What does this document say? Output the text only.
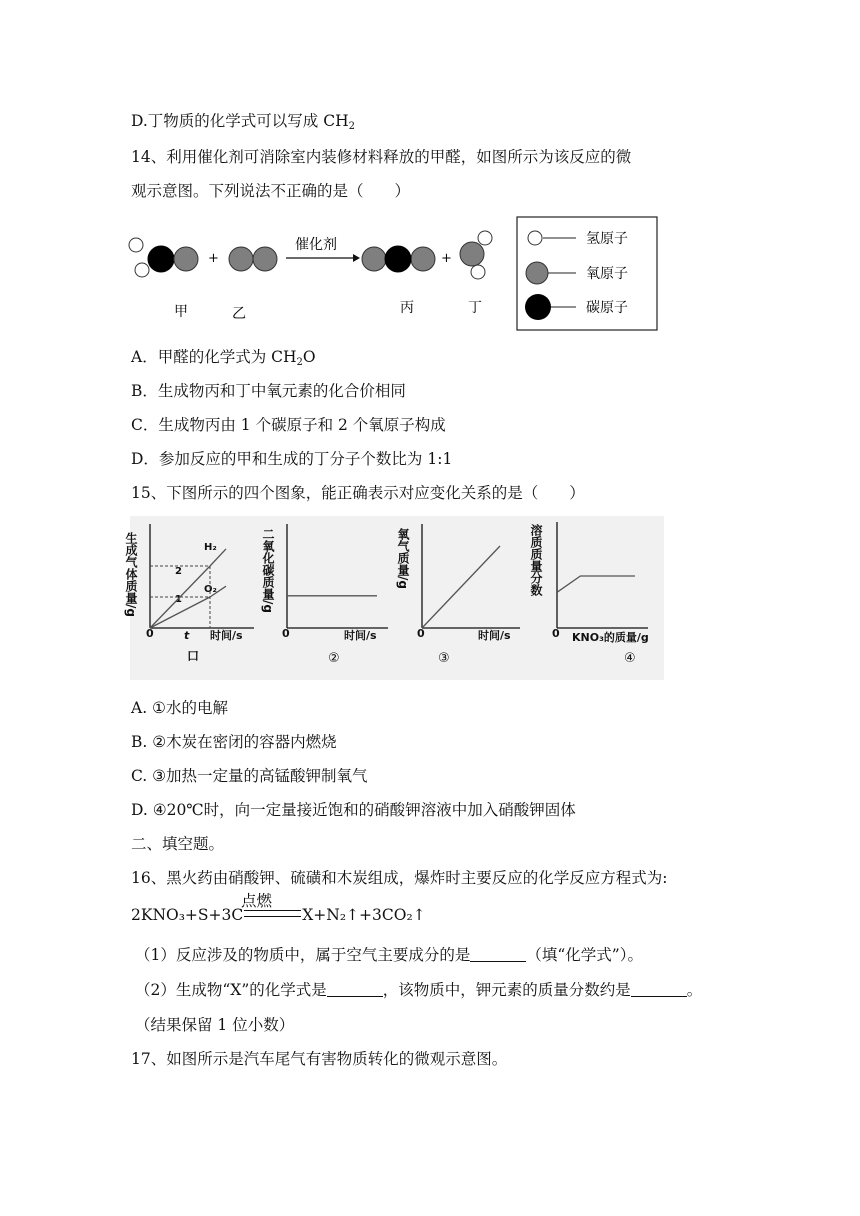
D.丁物质的化学式可以写成 $CH_2$
14、利用催化剂可消除室内装修材料释放的甲醛，如图所示为该反应的微
观示意图。下列说法不正确的是（　　）
+
催化剂
+
甲	乙	丙	丁
氢原子
氧原子
碳原子
A．甲醛的化学式为 $CH_2O$
B．生成物丙和丁中氧元素的化合价相同
C．生成物丙由 1 个碳原子和 2 个氧原子构成
D．参加反应的甲和生成的丁分子个数比为 1:1
15、下图所示的四个图象，能正确表示对应变化关系的是（　　）
生成气体质量/g
0	t 时间/s
口
2
1
H₂
O₂	二氧化碳质量/g
0	时间/s
②
氧气质量/g
0	时间/s
③
溶质质量分数
0 KNO₃的质量/g
④
A. ①水的电解
B. ②木炭在密闭的容器内燃烧
C. ③加热一定量的高锰酸钾制氧气
D. ④20℃时，向一定量接近饱和的硝酸钾溶液中加入硝酸钾固体
二、填空题。
16、黑火药由硝酸钾、硫磺和木炭组成，爆炸时主要反应的化学反应方程式为:
点燃
2KNO₃+S+3C	X+N₂↑+3CO₂↑
（1）反应涉及的物质中，属于空气主要成分的是	（填“化学式”）。
（2）生成物“X”的化学式是	，该物质中，钾元素的质量分数约是	。
（结果保留 1 位小数）
17、如图所示是汽车尾气有害物质转化的微观示意图。
